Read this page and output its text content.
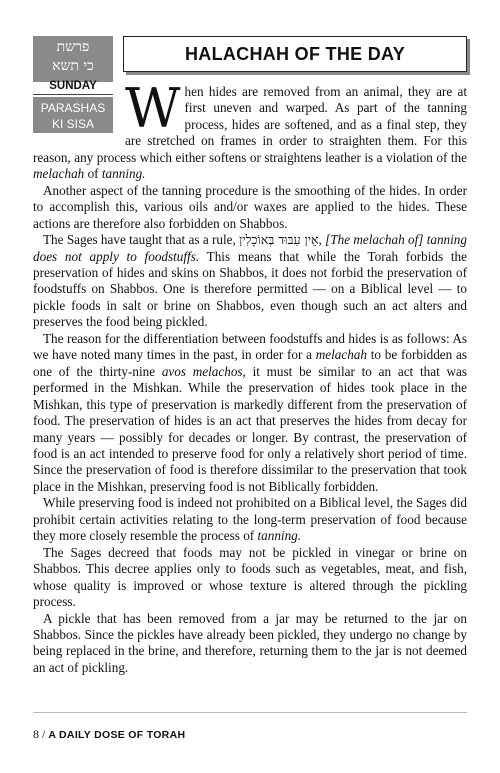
פרשת
כי תשא
SUNDAY
PARASHAS
KI SISA
HALACHAH OF THE DAY

When hides are removed from an animal, they are at first uneven and warped. As part of the tanning process, hides are softened, and as a final step, they are stretched on frames in order to straighten them. For this reason, any process which either softens or straightens leather is a violation of the melachah of tanning.

Another aspect of the tanning procedure is the smoothing of the hides. In order to accomplish this, various oils and/or waxes are applied to the hides. These actions are therefore also forbidden on Shabbos.

The Sages have taught that as a rule, אֵין עִבּוּד בְּאוֹכָלִין, [The melachah of] tanning does not apply to foodstuffs. This means that while the Torah forbids the preservation of hides and skins on Shabbos, it does not forbid the preservation of foodstuffs on Shabbos. One is therefore permitted — on a Biblical level — to pickle foods in salt or brine on Shabbos, even though such an act alters and preserves the food being pickled.

The reason for the differentiation between foodstuffs and hides is as follows: As we have noted many times in the past, in order for a melachah to be forbidden as one of the thirty-nine avos melachos, it must be similar to an act that was performed in the Mishkan. While the preservation of hides took place in the Mishkan, this type of preservation is markedly different from the preservation of food. The preservation of hides is an act that preserves the hides from decay for many years — possibly for decades or longer. By contrast, the preservation of food is an act intended to preserve food for only a relatively short period of time. Since the preservation of food is therefore dissimilar to the preservation that took place in the Mishkan, preserving food is not Biblically forbidden.

While preserving food is indeed not prohibited on a Biblical level, the Sages did prohibit certain activities relating to the long-term preservation of food because they more closely resemble the process of tanning.

The Sages decreed that foods may not be pickled in vinegar or brine on Shabbos. This decree applies only to foods such as vegetables, meat, and fish, whose quality is improved or whose texture is altered through the pickling process.

A pickle that has been removed from a jar may be returned to the jar on Shabbos. Since the pickles have already been pickled, they undergo no change by being replaced in the brine, and therefore, returning them to the jar is not deemed an act of pickling.

8 / A DAILY DOSE OF TORAH
